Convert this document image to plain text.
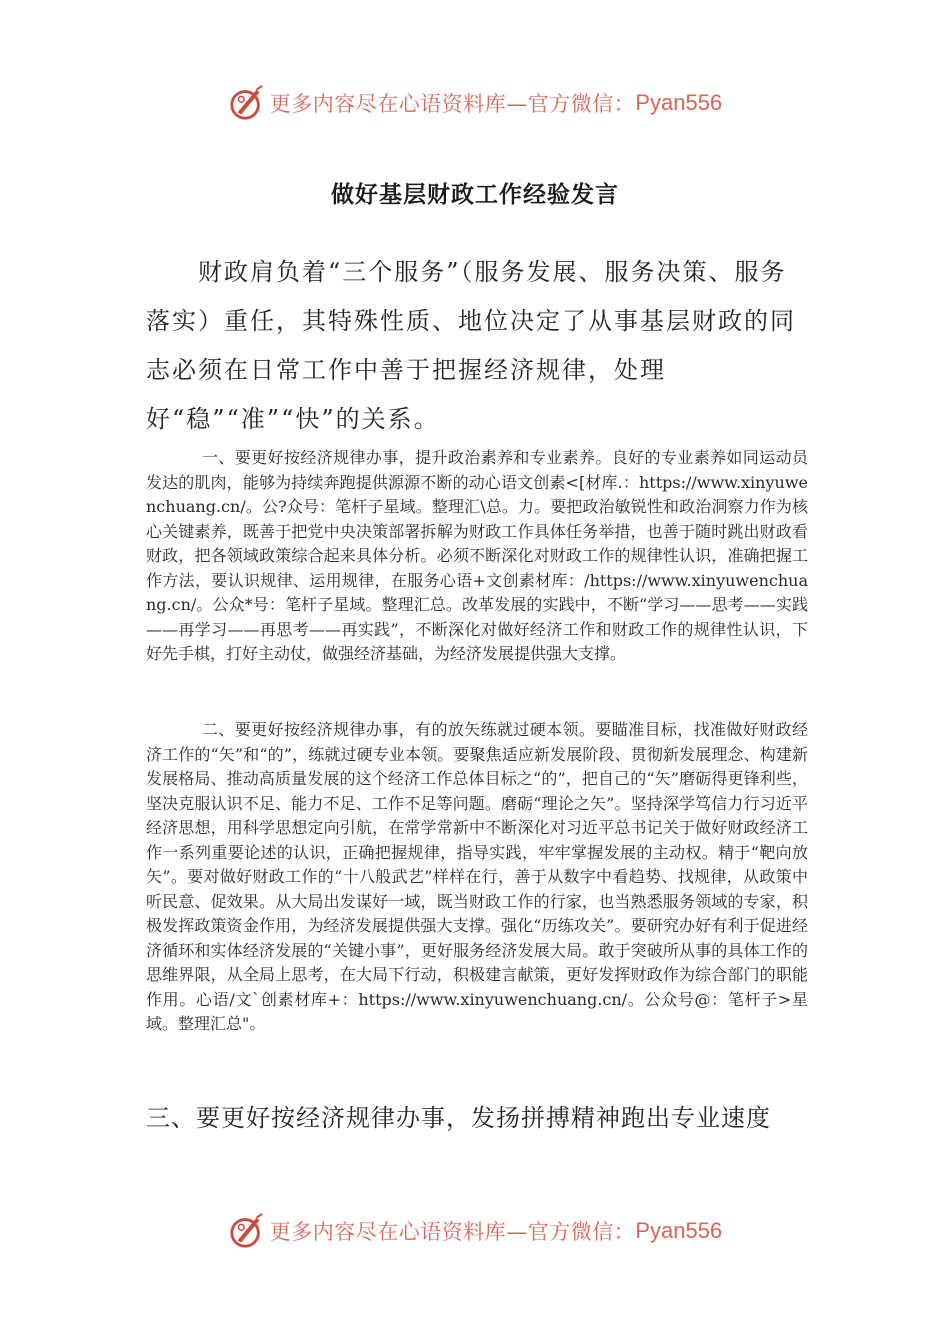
更多内容尽在心语资料库—官方微信： Pyan556
做好基层财政工作经验发言

财政肩负着“三个服务”（服务发展、服务决策、服务落实）重任，其特殊性质、地位决定了从事基层财政的同志必须在日常工作中善于把握经济规律，处理好“稳”“准”“快”的关系。

一、要更好按经济规律办事，提升政治素养和专业素养。良好的专业素养如同运动员发达的肌肉，能够为持续奔跑提供源源不断的动心语文创素<[材库.：https://www.xinyuwenchuang.cn/。公?众号：笔杆子星域。整理汇\总。力。要把政治敏锐性和政治洞察力作为核心关键素养，既善于把党中央决策部署拆解为财政工作具体任务举措，也善于随时跳出财政看财政，把各领域政策综合起来具体分析。必须不断深化对财政工作的规律性认识，准确把握工作方法，要认识规律、运用规律，在服务心语+文创素材库：/https://www.xinyuwenchuang.cn/。公众*号：笔杆子星域。整理汇总。改革发展的实践中，不断“学习——思考——实践——再学习——再思考——再实践”，不断深化对做好经济工作和财政工作的规律性认识，下好先手棋，打好主动仗，做强经济基础，为经济发展提供强大支撑。

二、要更好按经济规律办事，有的放矢练就过硬本领。要瞄准目标，找准做好财政经济工作的“矢”和“的”，练就过硬专业本领。要聚焦适应新发展阶段、贯彻新发展理念、构建新发展格局、推动高质量发展的这个经济工作总体目标之“的”，把自己的“矢”磨砺得更锋利些，坚决克服认识不足、能力不足、工作不足等问题。磨砺“理论之矢”。坚持深学笃信力行习近平经济思想，用科学思想定向引航，在常学常新中不断深化对习近平总书记关于做好财政经济工作一系列重要论述的认识，正确把握规律，指导实践，牢牢掌握发展的主动权。精于“靶向放矢”。要对做好财政工作的“十八般武艺”样样在行，善于从数字中看趋势、找规律，从政策中听民意、促效果。从大局出发谋好一域，既当财政工作的行家，也当熟悉服务领域的专家，积极发挥政策资金作用，为经济发展提供强大支撑。强化“历练攻关”。要研究办好有利于促进经济循环和实体经济发展的“关键小事”，更好服务经济发展大局。敢于突破所从事的具体工作的思维界限，从全局上思考，在大局下行动，积极建言献策，更好发挥财政作为综合部门的职能作用。心语/文`创素材库+：https://www.xinyuwenchuang.cn/。公众号@：笔杆子>星域。整理汇总"。

三、要更好按经济规律办事，发扬拼搏精神跑出专业速度

更多内容尽在心语资料库—官方微信： Pyan556
